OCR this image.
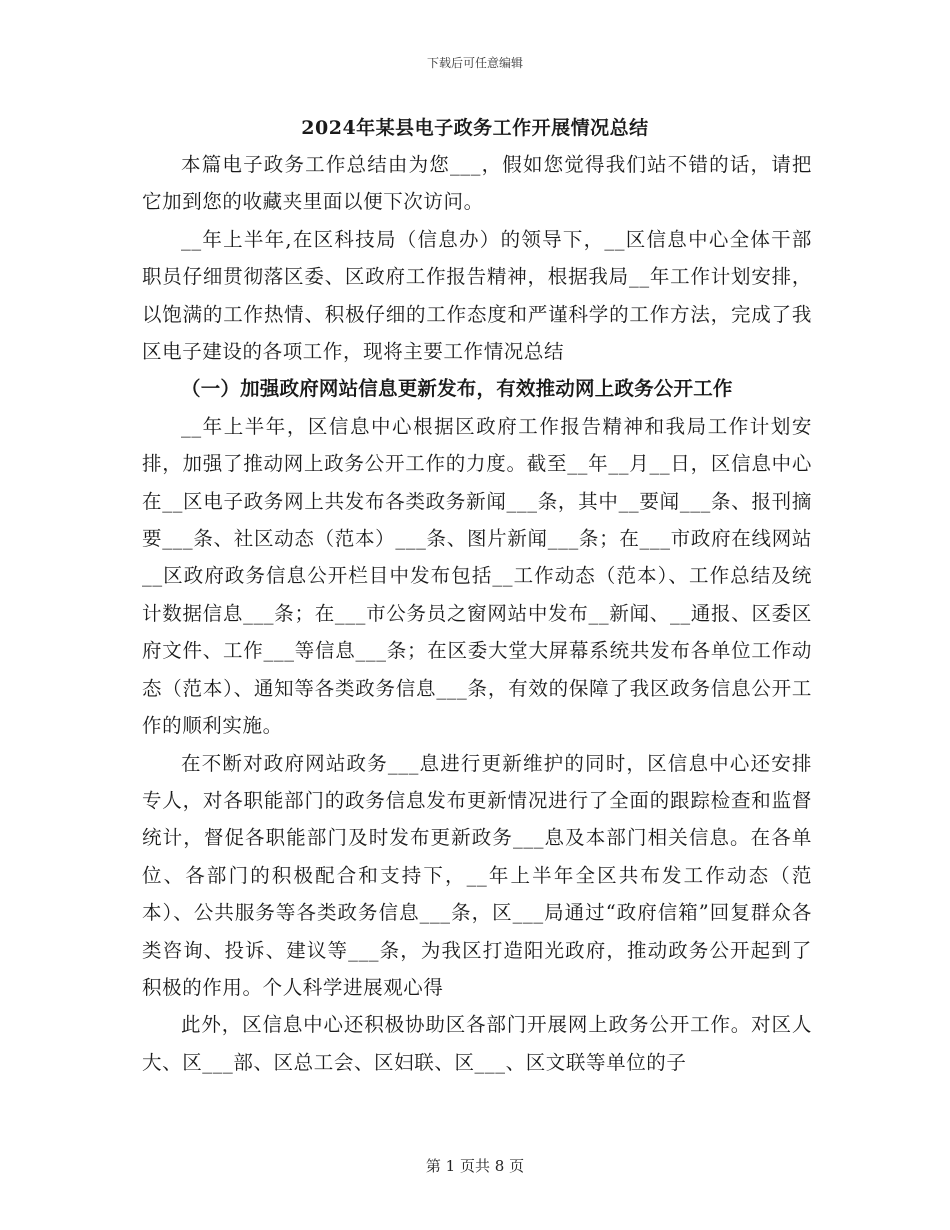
下载后可任意编辑
2024年某县电子政务工作开展情况总结

本篇电子政务工作总结由为您___，假如您觉得我们站不错的话，请把它加到您的收藏夹里面以便下次访问。

__年上半年,在区科技局（信息办）的领导下，__区信息中心全体干部职员仔细贯彻落区委、区政府工作报告精神，根据我局__年工作计划安排，以饱满的工作热情、积极仔细的工作态度和严谨科学的工作方法，完成了我区电子建设的各项工作，现将主要工作情况总结

（一）加强政府网站信息更新发布，有效推动网上政务公开工作

__年上半年，区信息中心根据区政府工作报告精神和我局工作计划安排，加强了推动网上政务公开工作的力度。截至__年__月__日，区信息中心在__区电子政务网上共发布各类政务新闻___条，其中__要闻___条、报刊摘要___条、社区动态（范本）___条、图片新闻___条；在___市政府在线网站__区政府政务信息公开栏目中发布包括__工作动态（范本）、工作总结及统计数据信息___条；在___市公务员之窗网站中发布__新闻、__通报、区委区府文件、工作___等信息___条；在区委大堂大屏幕系统共发布各单位工作动态（范本）、通知等各类政务信息___条，有效的保障了我区政务信息公开工作的顺利实施。

在不断对政府网站政务___息进行更新维护的同时，区信息中心还安排专人，对各职能部门的政务信息发布更新情况进行了全面的跟踪检查和监督统计，督促各职能部门及时发布更新政务___息及本部门相关信息。在各单位、各部门的积极配合和支持下，__年上半年全区共布发工作动态（范本）、公共服务等各类政务信息___条，区___局通过“政府信箱”回复群众各类咨询、投诉、建议等___条，为我区打造阳光政府，推动政务公开起到了积极的作用。个人科学进展观心得

此外，区信息中心还积极协助区各部门开展网上政务公开工作。对区人大、区___部、区总工会、区妇联、区___、区文联等单位的子

第 1 页共 8 页
